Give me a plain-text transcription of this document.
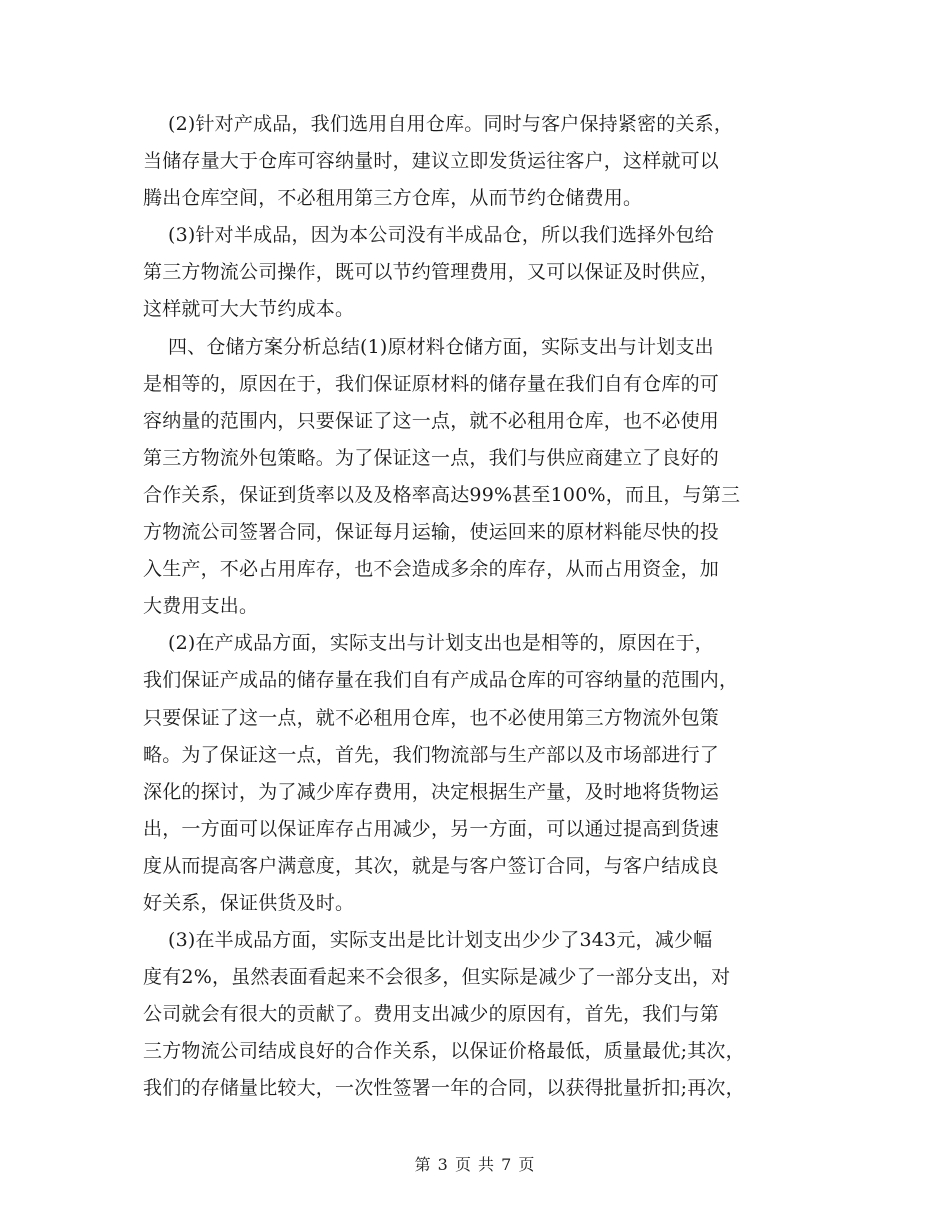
(2)针对产成品，我们选用自用仓库。同时与客户保持紧密的关系，
当储存量大于仓库可容纳量时，建议立即发货运往客户，这样就可以
腾出仓库空间，不必租用第三方仓库，从而节约仓储费用。
(3)针对半成品，因为本公司没有半成品仓，所以我们选择外包给
第三方物流公司操作，既可以节约管理费用，又可以保证及时供应，
这样就可大大节约成本。
四、仓储方案分析总结(1)原材料仓储方面，实际支出与计划支出
是相等的，原因在于，我们保证原材料的储存量在我们自有仓库的可
容纳量的范围内，只要保证了这一点，就不必租用仓库，也不必使用
第三方物流外包策略。为了保证这一点，我们与供应商建立了良好的
合作关系，保证到货率以及及格率高达99%甚至100%，而且，与第三
方物流公司签署合同，保证每月运输，使运回来的原材料能尽快的投
入生产，不必占用库存，也不会造成多余的库存，从而占用资金，加
大费用支出。
(2)在产成品方面，实际支出与计划支出也是相等的，原因在于，
我们保证产成品的储存量在我们自有产成品仓库的可容纳量的范围内，
只要保证了这一点，就不必租用仓库，也不必使用第三方物流外包策
略。为了保证这一点，首先，我们物流部与生产部以及市场部进行了
深化的探讨，为了减少库存费用，决定根据生产量，及时地将货物运
出，一方面可以保证库存占用减少，另一方面，可以通过提高到货速
度从而提高客户满意度，其次，就是与客户签订合同，与客户结成良
好关系，保证供货及时。
(3)在半成品方面，实际支出是比计划支出少少了343元，减少幅
度有2%，虽然表面看起来不会很多，但实际是减少了一部分支出，对
公司就会有很大的贡献了。费用支出减少的原因有，首先，我们与第
三方物流公司结成良好的合作关系，以保证价格最低，质量最优;其次，
我们的存储量比较大，一次性签署一年的合同，以获得批量折扣;再次，
第 3 页 共 7 页
